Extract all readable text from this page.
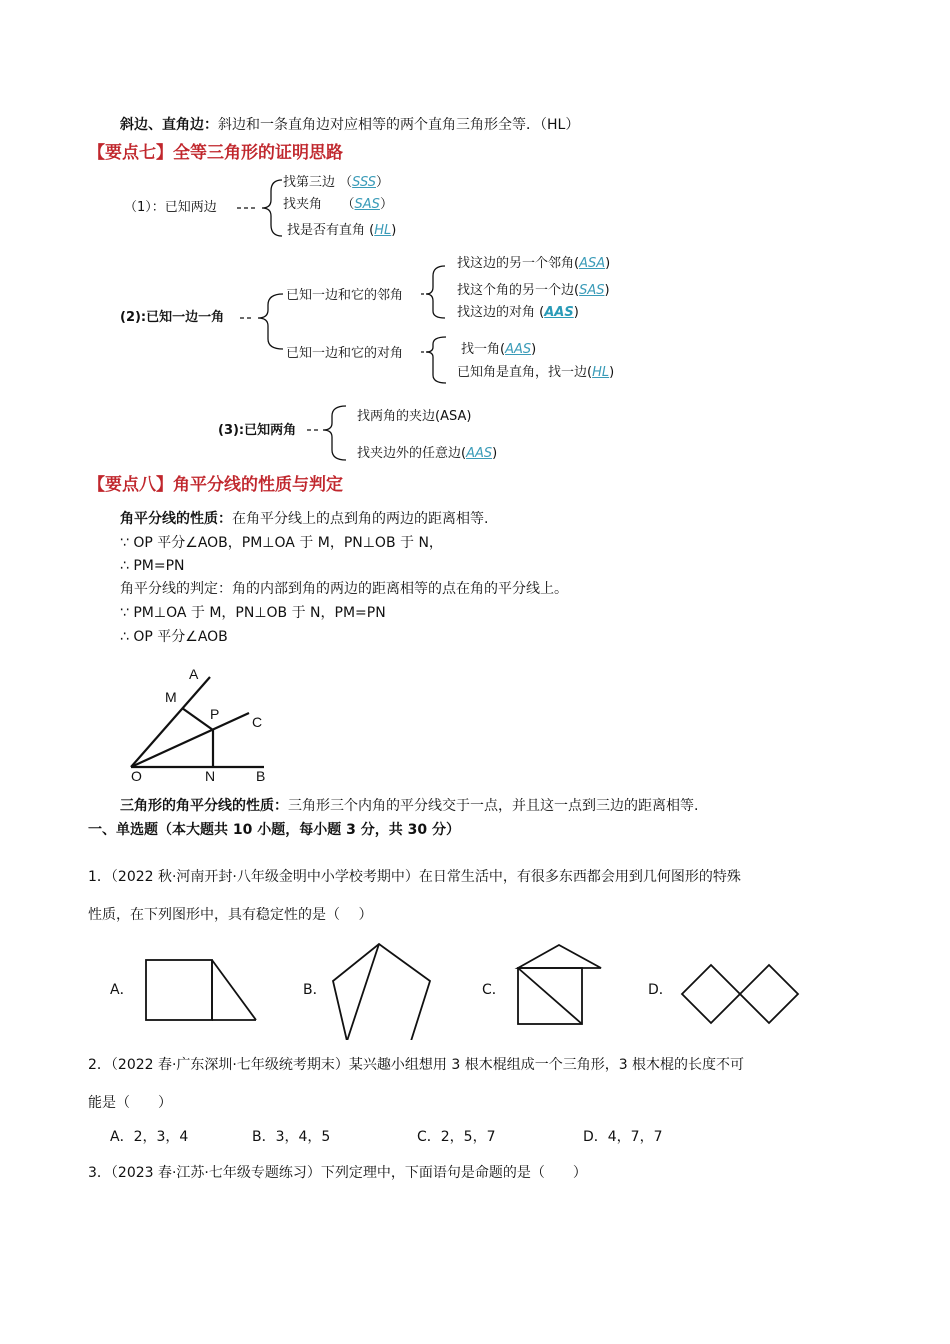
斜边、直角边：斜边和一条直角边对应相等的两个直角三角形全等．（HL）
【要点七】全等三角形的证明思路
（1）：已知两边
找第三边 （SSS）
找夹角　　（SAS）
找是否有直角 (HL)
(2):已知一边一角
已知一边和它的邻角
已知一边和它的对角
找这边的另一个邻角(ASA)
找这个角的另一个边(SAS)
找这边的对角 (AAS)
找一角(AAS)
已知角是直角，找一边(HL)
(3):已知两角
找两角的夹边(ASA)
找夹边外的任意边(AAS)
【要点八】角平分线的性质与判定
角平分线的性质：在角平分线上的点到角的两边的距离相等.
∵ OP 平分∠AOB，PM⊥OA 于 M，PN⊥OB 于 N，
∴ PM=PN
角平分线的判定：角的内部到角的两边的距离相等的点在角的平分线上。
∵ PM⊥OA 于 M，PN⊥OB 于 N，PM=PN
∴ OP 平分∠AOB
A
M
P C
O	N	B
三角形的角平分线的性质：三角形三个内角的平分线交于一点，并且这一点到三边的距离相等.
一、单选题（本大题共 10 小题，每小题 3 分，共 30 分）
1．（2022 秋·河南开封·八年级金明中小学校考期中）在日常生活中，有很多东西都会用到几何图形的特殊
性质，在下列图形中，具有稳定性的是（　 ）
A．	B．	C．	D．
2．（2022 春·广东深圳·七年级统考期末）某兴趣小组想用 3 根木棍组成一个三角形，3 根木棍的长度不可
能是（　　）
A．2，3，4	B．3，4，5	C．2，5，7	D．4，7，7
3．（2023 春·江苏·七年级专题练习）下列定理中，下面语句是命题的是（　　）
